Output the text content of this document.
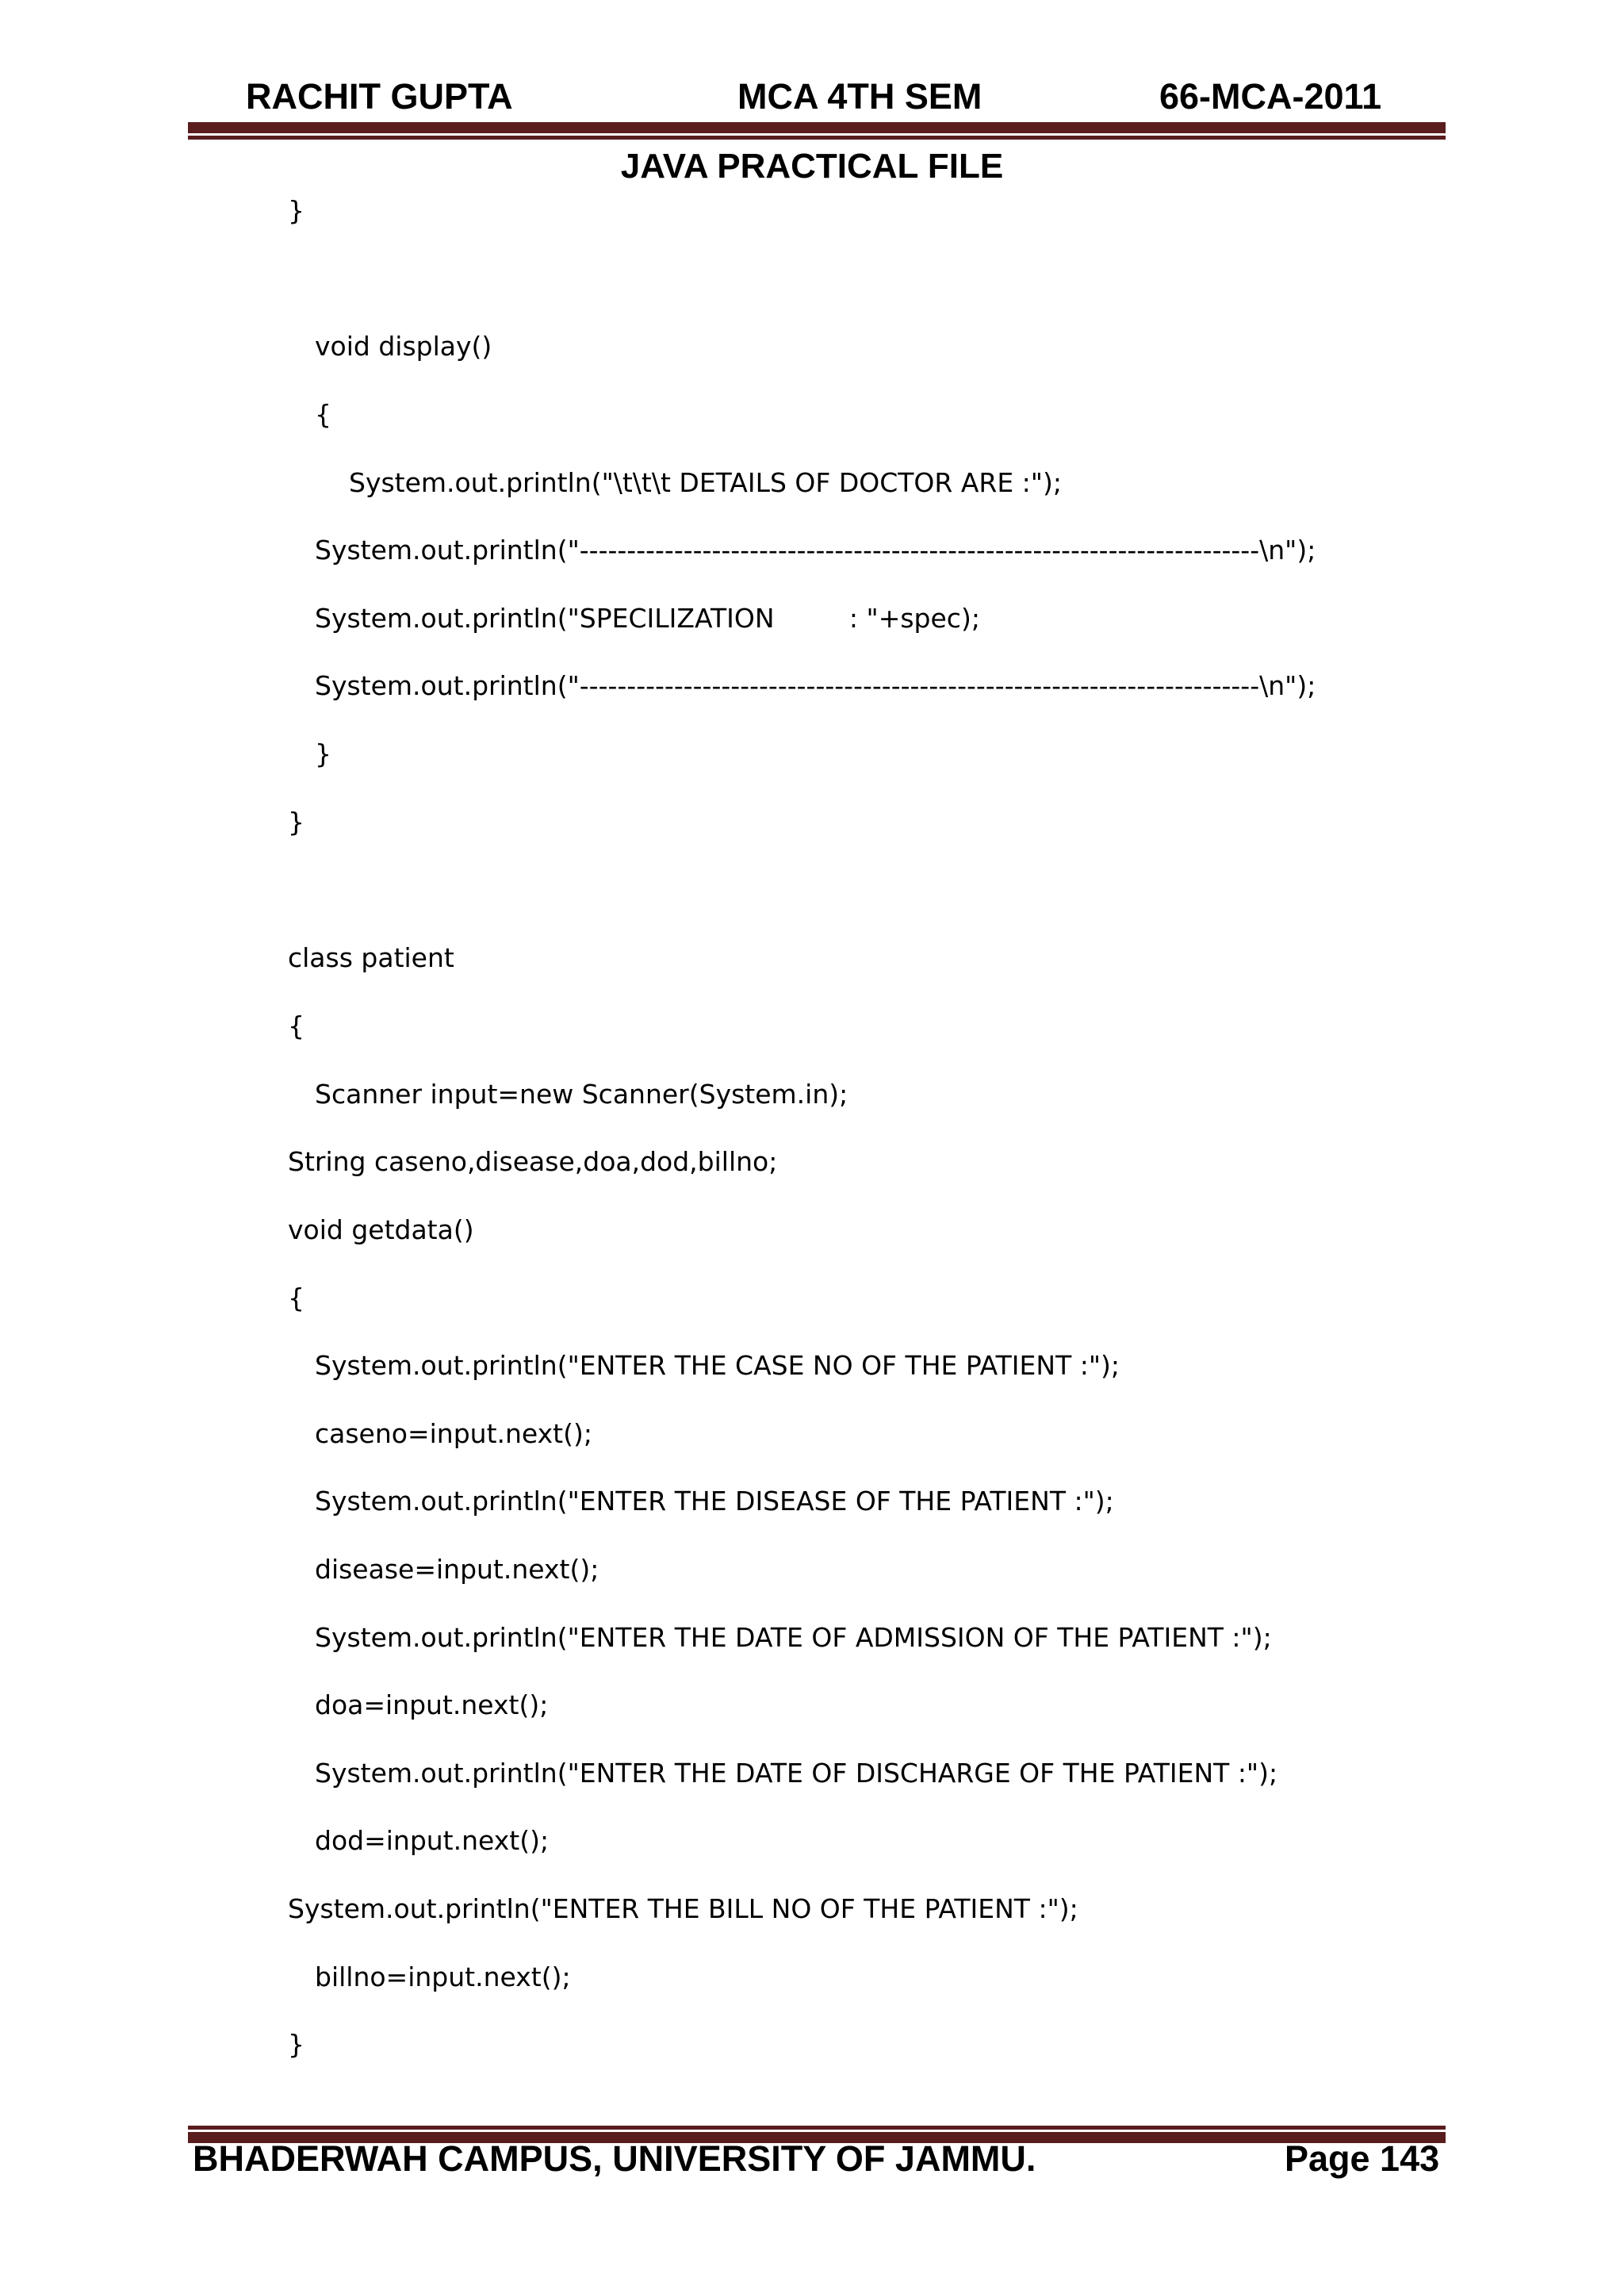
RACHIT GUPTA	MCA 4TH SEM	66-MCA-2011
JAVA PRACTICAL FILE

}

void display()

{

System.out.println("\t\t\t DETAILS OF DOCTOR ARE :");

System.out.println("------------------------------------------------------------------------\n");

System.out.println("SPECILIZATION         : "+spec);

System.out.println("------------------------------------------------------------------------\n");

}

}

class patient

{

Scanner input=new Scanner(System.in);

String caseno,disease,doa,dod,billno;

void getdata()

{

System.out.println("ENTER THE CASE NO OF THE PATIENT :");

caseno=input.next();

System.out.println("ENTER THE DISEASE OF THE PATIENT :");

disease=input.next();

System.out.println("ENTER THE DATE OF ADMISSION OF THE PATIENT :");

doa=input.next();

System.out.println("ENTER THE DATE OF DISCHARGE OF THE PATIENT :");

dod=input.next();

System.out.println("ENTER THE BILL NO OF THE PATIENT :");

billno=input.next();

}

BHADERWAH CAMPUS, UNIVERSITY OF JAMMU.	Page 143
